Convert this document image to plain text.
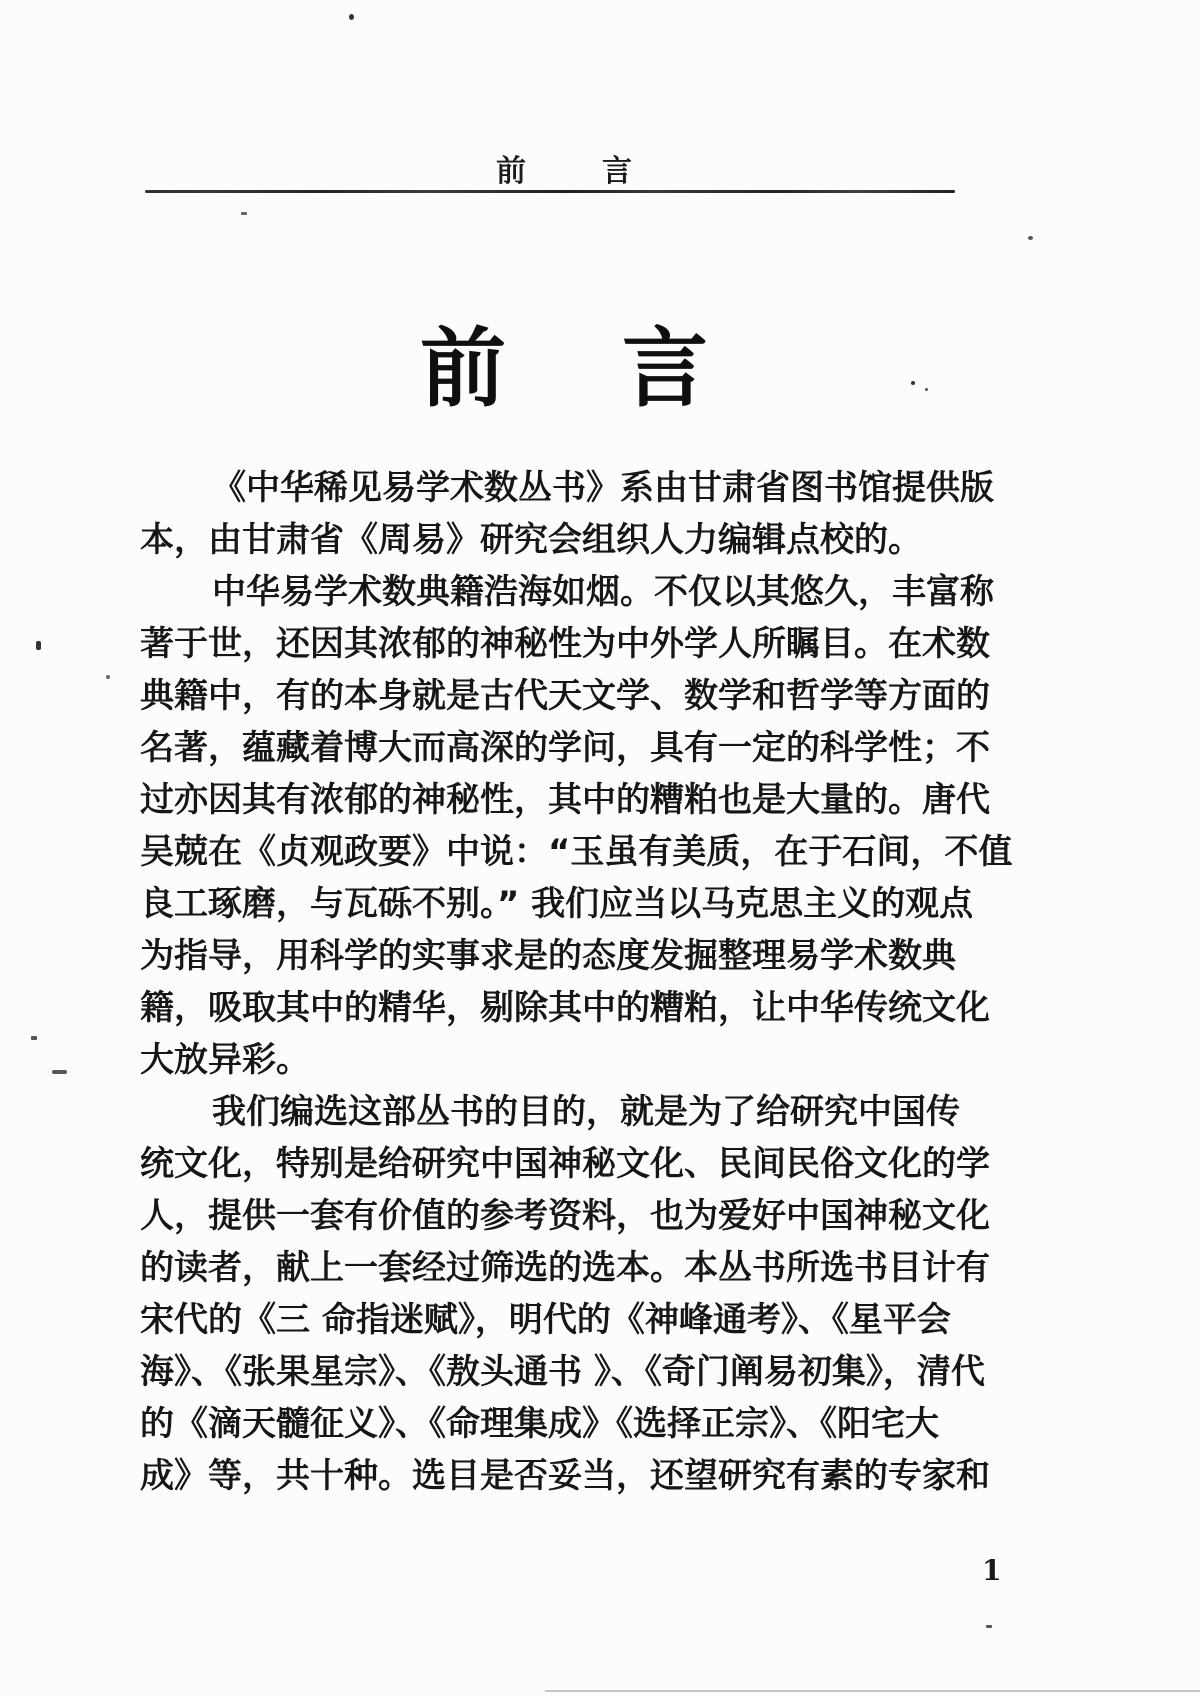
前	言
前 言
《中华稀见易学术数丛书》系由甘肃省图书馆提供版
本，由甘肃省《周易》研究会组织人力编辑点校的。
中华易学术数典籍浩海如烟。不仅以其悠久，丰富称
著于世，还因其浓郁的神秘性为中外学人所瞩目。在术数
典籍中，有的本身就是古代天文学、数学和哲学等方面的
名著，蕴藏着博大而高深的学问，具有一定的科学性；不
过亦因其有浓郁的神秘性，其中的糟粕也是大量的。唐代
吴兢在《贞观政要》中说：“玉虽有美质，在于石间，不值
良工琢磨，与瓦砾不别。” 我们应当以马克思主义的观点
为指导，用科学的实事求是的态度发掘整理易学术数典
籍，吸取其中的精华，剔除其中的糟粕，让中华传统文化
大放异彩。
我们编选这部丛书的目的，就是为了给研究中国传
统文化，特别是给研究中国神秘文化、民间民俗文化的学
人，提供一套有价值的参考资料，也为爱好中国神秘文化
的读者，献上一套经过筛选的选本。本丛书所选书目计有
宋代的《三 命指迷赋》，明代的《神峰通考》、《星平会
海》、《张果星宗》、《敖头通书 》、《奇门阐易初集》，清代
的《滴天髓征义》、《命理集成》《选择正宗》、《阳宅大
成》等，共十种。选目是否妥当，还望研究有素的专家和
1
